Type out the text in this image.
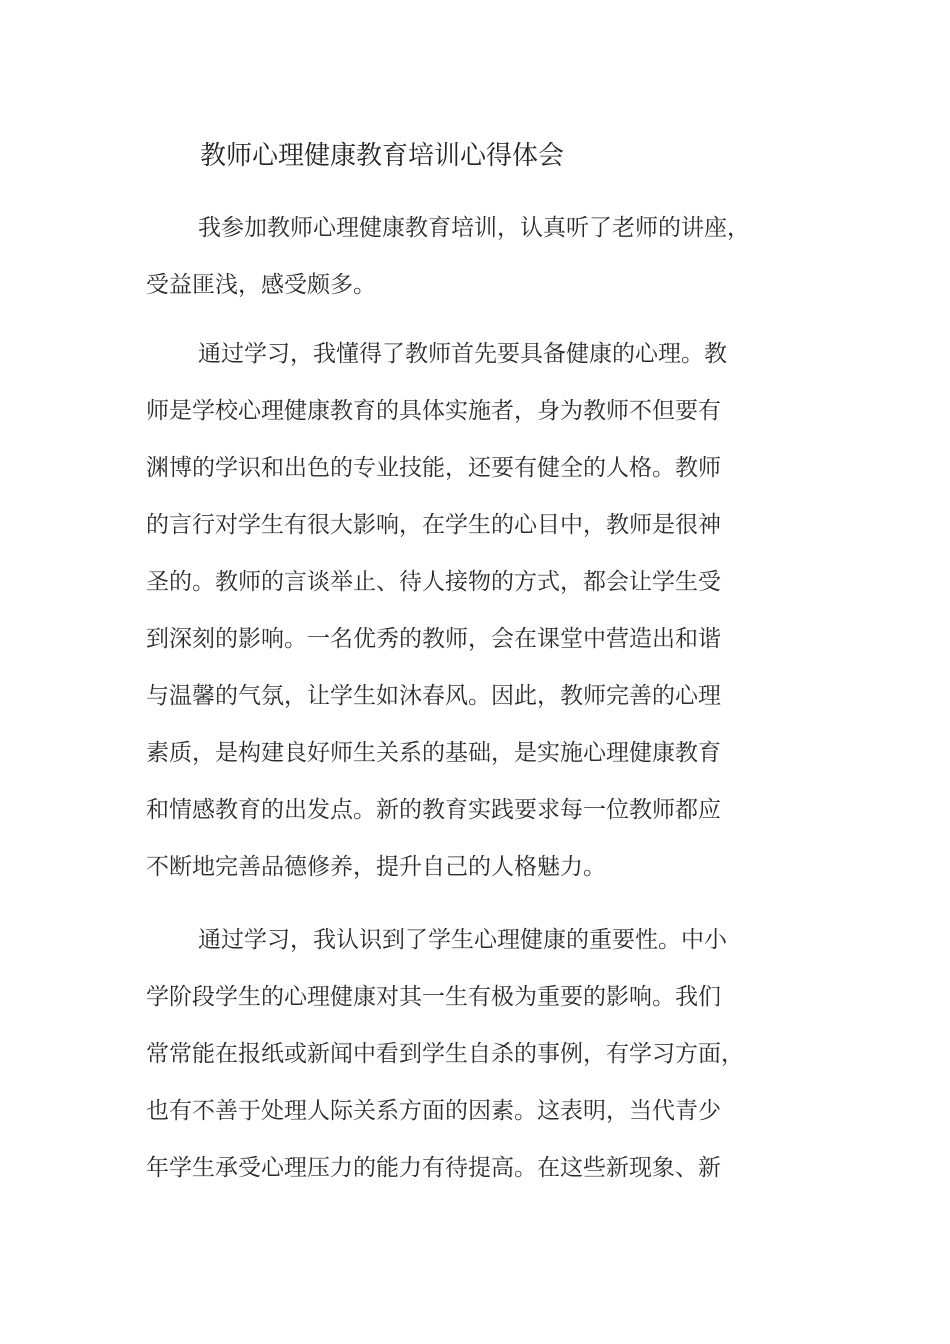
教师心理健康教育培训心得体会
我参加教师心理健康教育培训，认真听了老师的讲座，
受益匪浅，感受颇多。
通过学习，我懂得了教师首先要具备健康的心理。教
师是学校心理健康教育的具体实施者，身为教师不但要有
渊博的学识和出色的专业技能，还要有健全的人格。教师
的言行对学生有很大影响，在学生的心目中，教师是很神
圣的。教师的言谈举止、待人接物的方式，都会让学生受
到深刻的影响。一名优秀的教师，会在课堂中营造出和谐
与温馨的气氛，让学生如沐春风。因此，教师完善的心理
素质，是构建良好师生关系的基础，是实施心理健康教育
和情感教育的出发点。新的教育实践要求每一位教师都应
不断地完善品德修养，提升自己的人格魅力。
通过学习，我认识到了学生心理健康的重要性。中小
学阶段学生的心理健康对其一生有极为重要的影响。我们
常常能在报纸或新闻中看到学生自杀的事例，有学习方面，
也有不善于处理人际关系方面的因素。这表明，当代青少
年学生承受心理压力的能力有待提高。在这些新现象、新
